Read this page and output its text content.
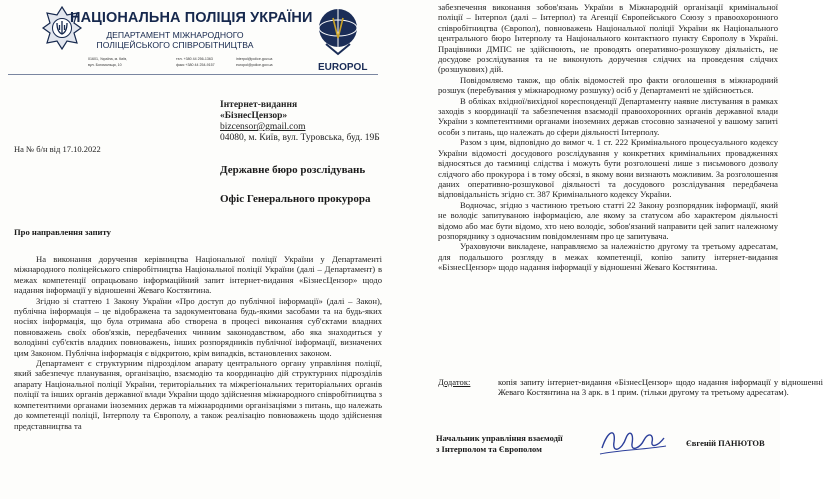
НАЦІОНАЛЬНА ПОЛІЦІЯ УКРАЇНИ
ДЕПАРТАМЕНТ МІЖНАРОДНОГО
ПОЛІЦЕЙСЬКОГО СПІВРОБІТНИЦТВА
01601, Україна, м. Київ,
вул. Богомольця, 10
тел. +380 44 256-1363
факс +380 44 254-9157
interpol@police.gov.ua
europol@police.gov.ua	EUROPOL
Інтернет-видання
«БізнесЦензор»
bizcensor@gmail.com
04080, м. Київ, вул. Туровська, буд. 19Б
На № б/н від 17.10.2022
Державне бюро розслідувань
Офіс Генерального прокурора
Про направлення запиту

На виконання доручення керівництва Національної поліції України у Департаменті міжнародного поліцейського співробітництва Національної поліції України (далі – Департамент) в межах компетенції опрацьовано інформаційний запит інтернет-видання «БізнесЦензор» щодо надання інформації у відношенні Жеваго Костянтина.

Згідно зі статтею 1 Закону України «Про доступ до публічної інформації» (далі – Закон), публічна інформація – це відображена та задокументована будь-якими засобами та на будь-яких носіях інформація, що була отримана або створена в процесі виконання суб'єктами владних повноважень своїх обов'язків, передбачених чинним законодавством, або яка знаходиться у володінні суб'єктів владних повноважень, інших розпорядників публічної інформації, визначених цим Законом. Публічна інформація є відкритою, крім випадків, встановлених законом.

Департамент є структурним підрозділом апарату центрального органу управління поліції, який забезпечує планування, організацію, взаємодію та координацію дій структурних підрозділів апарату Національної поліції України, територіальних та міжрегіональних територіальних органів поліції та інших органів державної влади України щодо здійснення міжнародного співробітництва з компетентними органами іноземних держав та міжнародними організаціями з питань, що належать до компетенції поліції, Інтерполу та Європолу, а також реалізацію повноважень щодо здійснення представництва та

забезпечення виконання зобов'язань України в Міжнародній організації кримінальної поліції – Інтерпол (далі – Інтерпол) та Агенції Європейського Союзу з правоохоронного співробітництва (Європол), повноважень Національної поліції України як Національного центрального бюро Інтерполу та Національного контактного пункту Європолу в Україні. Працівники ДМПС не здійснюють, не проводять оперативно-розшукову діяльність, не досудове розслідування та не виконують доручення слідчих на проведення слідчих (розшукових) дій.

Повідомляємо також, що облік відомостей про факти оголошення в міжнародний розшук (перебування у міжнародному розшуку) осіб у Департаменті не здійснюється.

В обліках вхідної/вихідної кореспонденції Департаменту наявне листування в рамках заходів з координації та забезпечення взаємодії правоохоронних органів державної влади України з компетентними органами іноземних держав стосовно зазначеної у вашому запиті особи з питань, що належать до сфери діяльності Інтерполу.

Разом з цим, відповідно до вимог ч. 1 ст. 222 Кримінального процесуального кодексу України відомості досудового розслідування у конкретних кримінальних провадженнях відносяться до таємниці слідства і можуть бути розголошені лише з письмового дозволу слідчого або прокурора і в тому обсязі, в якому вони визнають можливим. За розголошення даних оперативно-розшукової діяльності та досудового розслідування передбачена відповідальність згідно ст. 387 Кримінального кодексу України.

Водночас, згідно з частиною третьою статті 22 Закону розпорядник інформації, який не володіє запитуваною інформацією, але якому за статусом або характером діяльності відомо або має бути відомо, хто нею володіє, зобов'язаний направити цей запит належному розпоряднику з одночасним повідомленням про це запитувача.

Ураховуючи викладене, направляємо за належністю другому та третьому адресатам, для подальшого розгляду в межах компетенції, копію запиту інтернет-видання «БізнесЦензор» щодо надання інформації у відношенні Жеваго Костянтина.

Додаток:	копія запиту інтернет-видання «БізнесЦензор» щодо надання інформації у відношенні Жеваго Костянтина на 3 арк. в 1 прим. (тільки другому та третьому адресатам).
Начальник управління взаємодії
з Інтерполом та Європолом
Євгеній ПАНЮТОВ
